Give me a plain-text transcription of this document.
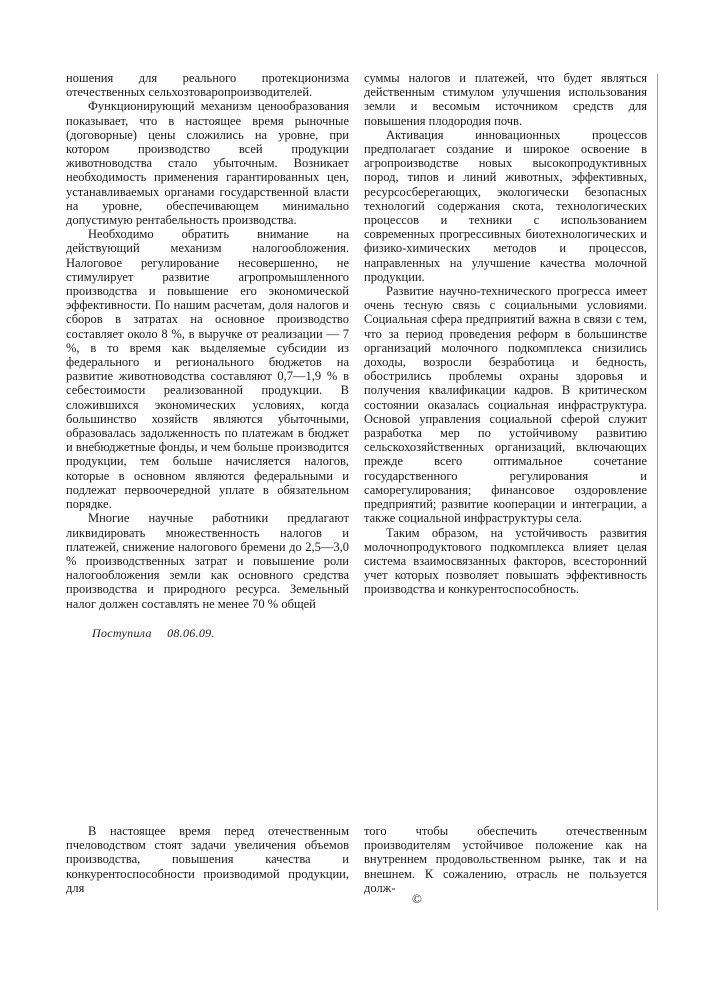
ношения для реального протекционизма отечественных сельхозтоваропроизводителей.

Функционирующий механизм ценообразования показывает, что в настоящее время рыночные (договорные) цены сложились на уровне, при котором производство всей продукции животноводства стало убыточным. Возникает необходимость применения гарантированных цен, устанавливаемых органами государственной власти на уровне, обеспечивающем минимально допустимую рентабельность производства.

Необходимо обратить внимание на действующий механизм налогообложения. Налоговое регулирование несовершенно, не стимулирует развитие агропромышленного производства и повышение его экономической эффективности. По нашим расчетам, доля налогов и сборов в затратах на основное производство составляет около 8 %, в выручке от реализации — 7 %, в то время как выделяемые субсидии из федерального и регионального бюджетов на развитие животноводства составляют 0,7—1,9 % в себестоимости реализованной продукции. В сложившихся экономических условиях, когда большинство хозяйств являются убыточными, образовалась задолженность по платежам в бюджет и внебюджетные фонды, и чем больше производится продукции, тем больше начисляется налогов, которые в основном являются федеральными и подлежат первоочередной уплате в обязательном порядке.

Многие научные работники предлагают ликвидировать множественность налогов и платежей, снижение налогового бремени до 2,5—3,0 % производственных затрат и повышение роли налогообложения земли как основного средства производства и природного ресурса. Земельный налог должен составлять не менее 70 % общей

суммы налогов и платежей, что будет являться действенным стимулом улучшения использования земли и весомым источником средств для повышения плодородия почв.

Активация инновационных процессов предполагает создание и широкое освоение в агропроизводстве новых высокопродуктивных пород, типов и линий животных, эффективных, ресурсосберегающих, экологически безопасных технологий содержания скота, технологических процессов и техники с использованием современных прогрессивных биотехнологических и физико-химических методов и процессов, направленных на улучшение качества молочной продукции.

Развитие научно-технического прогресса имеет очень тесную связь с социальными условиями. Социальная сфера предприятий важна в связи с тем, что за период проведения реформ в большинстве организаций молочного подкомплекса снизились доходы, возросли безработица и бедность, обострились проблемы охраны здоровья и получения квалификации кадров. В критическом состоянии оказалась социальная инфраструктура. Основой управления социальной сферой служит разработка мер по устойчивому развитию сельскохозяйственных организаций, включающих прежде всего оптимальное сочетание государственного регулирования и саморегулирования; финансовое оздоровление предприятий; развитие кооперации и интеграции, а также социальной инфраструктуры села.

Таким образом, на устойчивость развития молочнопродуктового подкомплекса влияет целая система взаимосвязанных факторов, всесторонний учет которых позволяет повышать эффективность производства и конкурентоспособность.

Поступила 08.06.09.

В настоящее время перед отечественным пчеловодством стоят задачи увеличения объемов производства, повышения качества и конкурентоспособности производимой продукции, для

того чтобы обеспечить отечественным производителям устойчивое положение как на внутреннем продовольственном рынке, так и на внешнем. К сожалению, отрасль не пользуется долж-

©
